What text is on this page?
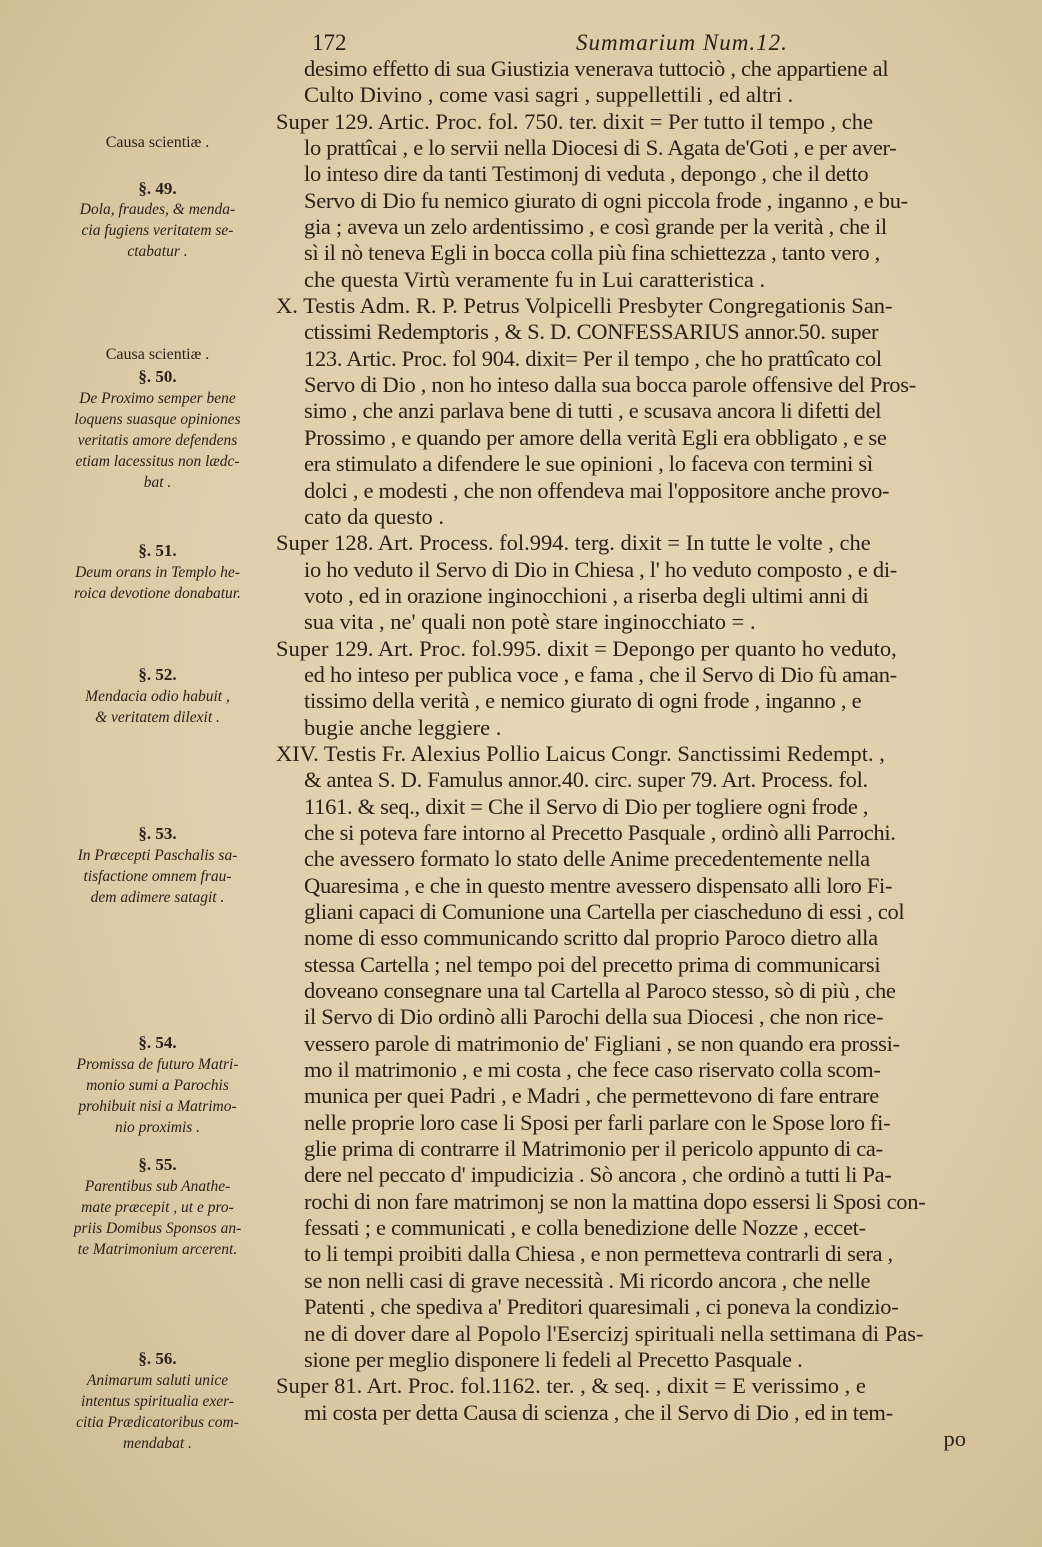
172	Summarium Num.12.
Causa scientiæ .
§. 49.
Dola, fraudes, & menda-
cia fugiens veritatem se-
ctabatur .
Causa scientiæ .
§. 50.
De Proximo semper bene
loquens suasque opiniones
veritatis amore defendens
etiam lacessitus non lædc-
bat .
§. 51.
Deum orans in Templo he-
roica devotione donabatur.
§. 52.
Mendacia odio habuit ,
& veritatem dilexit .
§. 53.
In Præcepti Paschalis sa-
tisfactione omnem frau-
dem adimere satagit .
§. 54.
Promissa de futuro Matri-
monio sumi a Parochis
prohibuit nisi a Matrimo-
nio proximis .
§. 55.
Parentibus sub Anathe-
mate præcepit , ut e pro-
priis Domibus Sponsos an-
te Matrimonium arcerent.
§. 56.
Animarum saluti unice
intentus spiritualia exer-
citia Prædicatoribus com-
mendabat .
desimo effetto di sua Giustizia venerava tuttociò , che appartiene al
Culto Divino , come vasi sagri , suppellettili , ed altri .
Super 129. Artic. Proc. fol. 750. ter. dixit = Per tutto il tempo , che
lo prattîcai , e lo servii nella Diocesi di S. Agata de'Goti , e per aver-
lo inteso dire da tanti Testimonj di veduta , depongo , che il detto
Servo di Dio fu nemico giurato di ogni piccola frode , inganno , e bu-
gia ; aveva un zelo ardentissimo , e così grande per la verità , che il
sì il nò teneva Egli in bocca colla più fina schiettezza , tanto vero ,
che questa Virtù veramente fu in Lui caratteristica .
X. Testis Adm. R. P. Petrus Volpicelli Presbyter Congregationis San-
ctissimi Redemptoris , & S. D. CONFESSARIUS annor.50. super
123. Artic. Proc. fol 904. dixit= Per il tempo , che ho prattîcato col
Servo di Dio , non ho inteso dalla sua bocca parole offensive del Pros-
simo , che anzi parlava bene di tutti , e scusava ancora li difetti del
Prossimo , e quando per amore della verità Egli era obbligato , e se
era stimulato a difendere le sue opinioni , lo faceva con termini sì
dolci , e modesti , che non offendeva mai l'oppositore anche provo-
cato da questo .
Super 128. Art. Process. fol.994. terg. dixit = In tutte le volte , che
io ho veduto il Servo di Dio in Chiesa , l' ho veduto composto , e di-
voto , ed in orazione inginocchioni , a riserba degli ultimi anni di
sua vita , ne' quali non potè stare inginocchiato = .
Super 129. Art. Proc. fol.995. dixit = Depongo per quanto ho veduto,
ed ho inteso per publica voce , e fama , che il Servo di Dio fù aman-
tissimo della verità , e nemico giurato di ogni frode , inganno , e
bugie anche leggiere .
XIV. Testis Fr. Alexius Pollio Laicus Congr. Sanctissimi Redempt. ,
& antea S. D. Famulus annor.40. circ. super 79. Art. Process. fol.
1161. & seq., dixit = Che il Servo di Dio per togliere ogni frode ,
che si poteva fare intorno al Precetto Pasquale , ordinò alli Parrochi.
che avessero formato lo stato delle Anime precedentemente nella
Quaresima , e che in questo mentre avessero dispensato alli loro Fi-
gliani capaci di Comunione una Cartella per ciascheduno di essi , col
nome di esso communicando scritto dal proprio Paroco dietro alla
stessa Cartella ; nel tempo poi del precetto prima di communicarsi
doveano consegnare una tal Cartella al Paroco stesso, sò di più , che
il Servo di Dio ordinò alli Parochi della sua Diocesi , che non rice-
vessero parole di matrimonio de' Figliani , se non quando era prossi-
mo il matrimonio , e mi costa , che fece caso riservato colla scom-
munica per quei Padri , e Madri , che permettevono di fare entrare
nelle proprie loro case li Sposi per farli parlare con le Spose loro fi-
glie prima di contrarre il Matrimonio per il pericolo appunto di ca-
dere nel peccato d' impudicizia . Sò ancora , che ordinò a tutti li Pa-
rochi di non fare matrimonj se non la mattina dopo essersi li Sposi con-
fessati ; e communicati , e colla benedizione delle Nozze , eccet-
to li tempi proibiti dalla Chiesa , e non permetteva contrarli di sera ,
se non nelli casi di grave necessità . Mi ricordo ancora , che nelle
Patenti , che spediva a' Preditori quaresimali , ci poneva la condizio-
ne di dover dare al Popolo l'Esercizj spirituali nella settimana di Pas-
sione per meglio disponere li fedeli al Precetto Pasquale .
Super 81. Art. Proc. fol.1162. ter. , & seq. , dixit = E verissimo , e
mi costa per detta Causa di scienza , che il Servo di Dio , ed in tem-
po
